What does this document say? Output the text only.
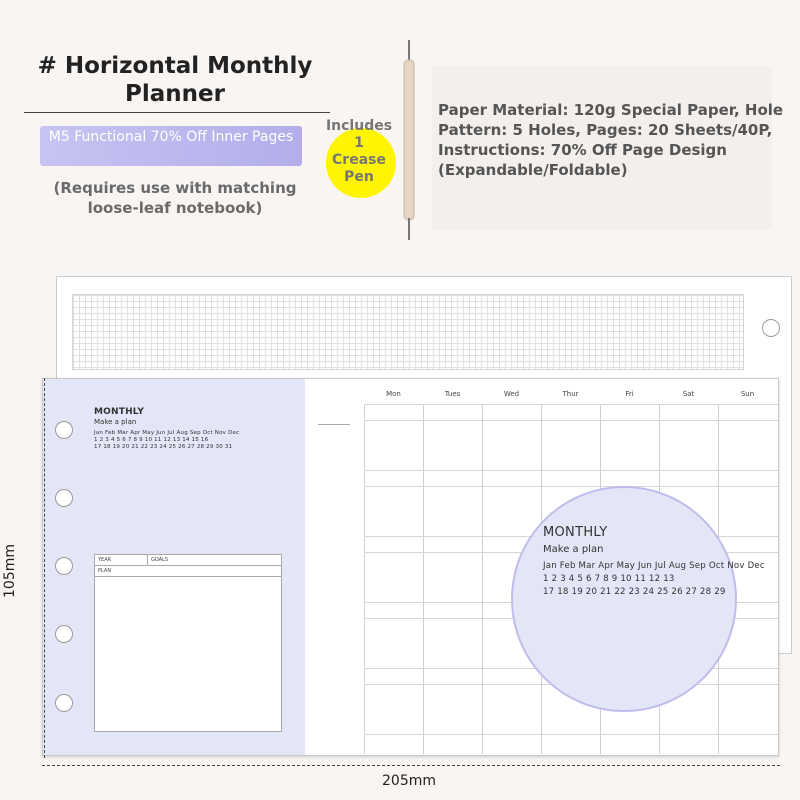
# Horizontal Monthly Planner
M5 Functional 70% Off Inner Pages
(Requires use with matching loose-leaf notebook)
Includes
1
Crease
Pen
Paper Material: 120g Special Paper, Hole Pattern: 5 Holes, Pages: 20 Sheets/40P, Instructions: 70% Off Page Design (Expandable/Foldable)
MONTHLY
Make a plan
Jan Feb Mar Apr May Jun Jul Aug Sep Oct Nov Dec
1 2 3 4 5 6 7 8 9 10 11 12 13 14 15 16
17 18 19 20 21 22 23 24 25 26 27 28 29 30 31
YEAR	GOALS
PLAN
Mon	Tues	Wed	Thur	Fri	Sat	Sun
MONTHLY
Make a plan
Jan Feb Mar Apr May Jun Jul Aug Sep Oct Nov Dec
1 2 3 4 5 6 7 8 9 10 11 12 13
17 18 19 20 21 22 23 24 25 26 27 28 29
105mm
205mm
